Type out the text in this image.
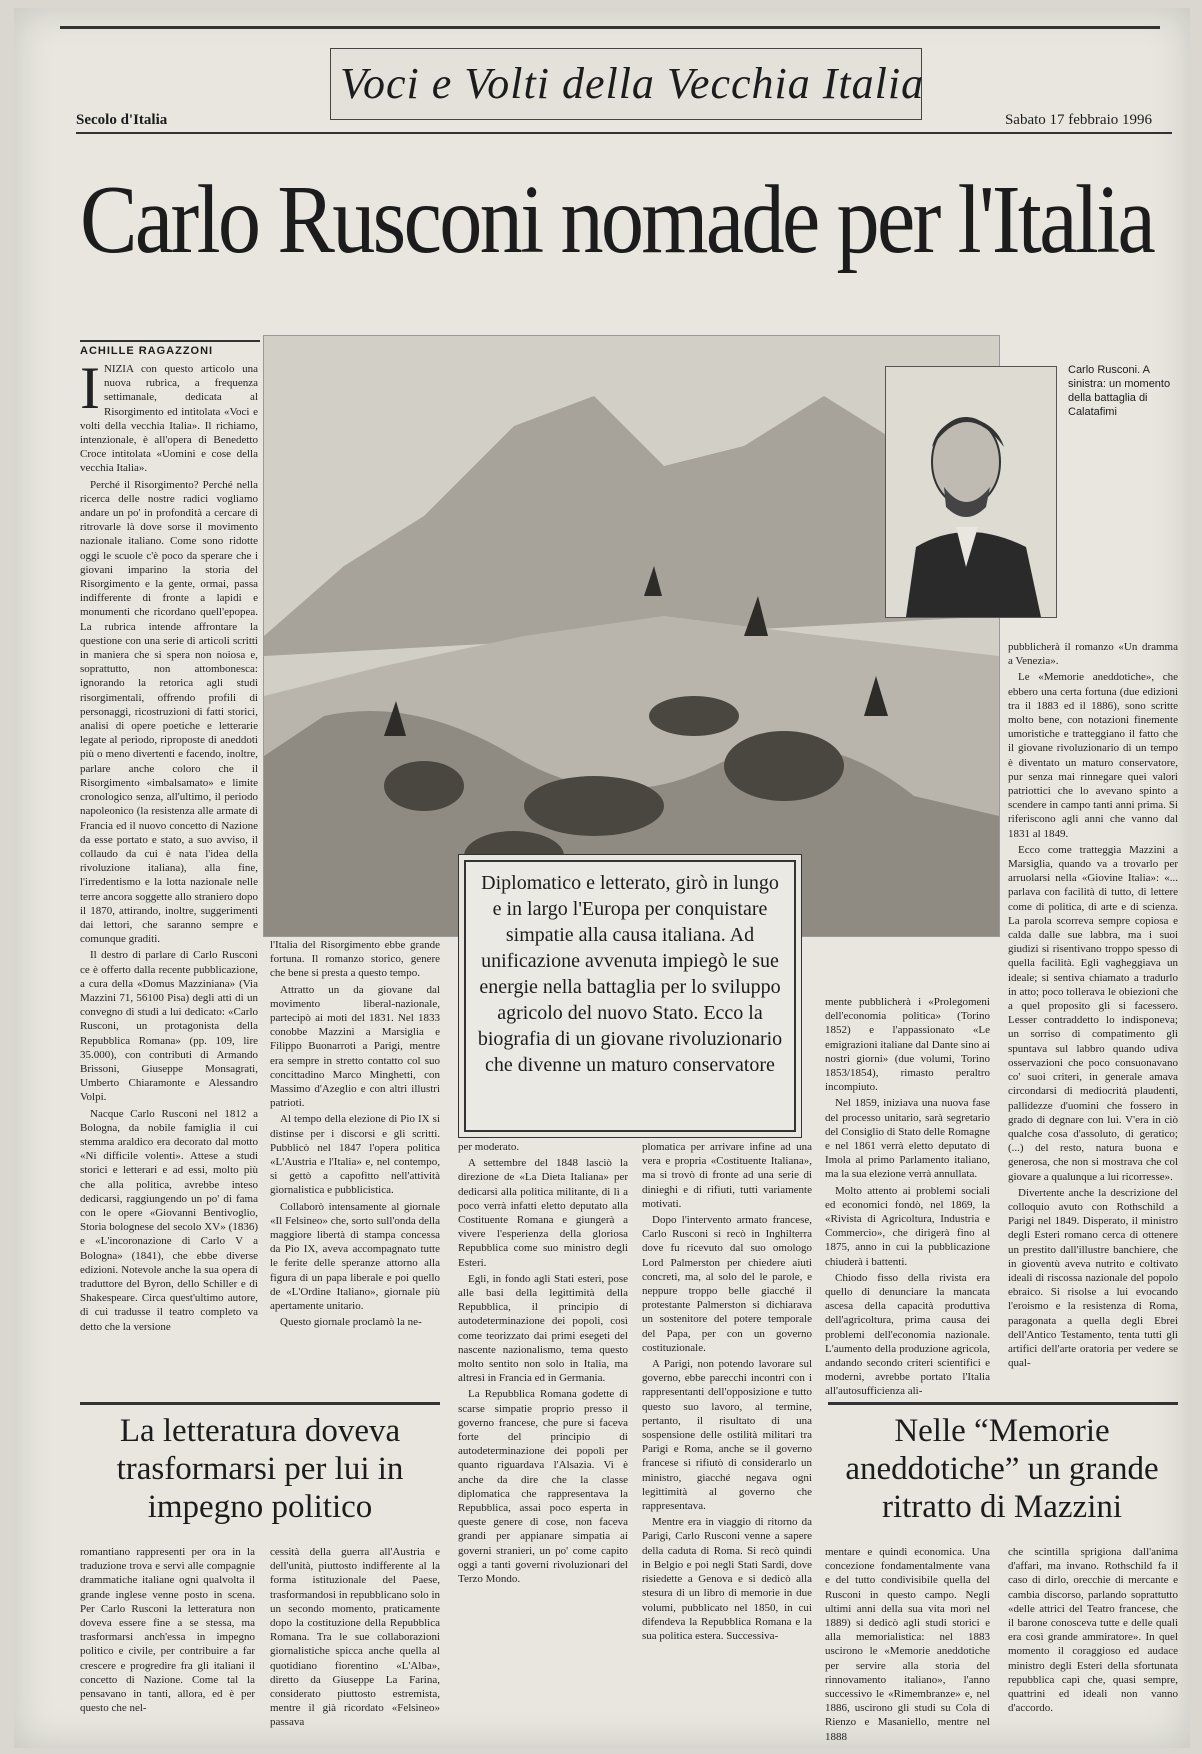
Voci e Volti della Vecchia Italia
Secolo d'Italia	Sabato 17 febbraio 1996
Carlo Rusconi nomade per l'Italia
ACHILLE RAGAZZONI
I NIZIA con questo articolo una nuova rubrica, a frequenza settimanale, dedicata al Risorgimento ed intitolata «Voci e volti della vecchia Italia». Il richiamo, intenzionale, è all'opera di Benedetto Croce intitolata «Uomini e cose della vecchia Italia».

Perché il Risorgimento? Perché nella ricerca delle nostre radici vogliamo andare un po' in profondità a cercare di ritrovarle là dove sorse il movimento nazionale italiano. Come sono ridotte oggi le scuole c'è poco da sperare che i giovani imparino la storia del Risorgimento e la gente, ormai, passa indifferente di fronte a lapidi e monumenti che ricordano quell'epopea. La rubrica intende affrontare la questione con una serie di articoli scritti in maniera che si spera non noiosa e, soprattutto, non attombonesca: ignorando la retorica agli studi risorgimentali, offrendo profili di personaggi, ricostruzioni di fatti storici, analisi di opere poetiche e letterarie legate al periodo, riproposte di aneddoti più o meno divertenti e facendo, inoltre, parlare anche coloro che il Risorgimento «imbalsamato» e limite cronologico senza, all'ultimo, il periodo napoleonico (la resistenza alle armate di Francia ed il nuovo concetto di Nazione da esse portato e stato, a suo avviso, il collaudo da cui è nata l'idea della rivoluzione italiana), alla fine, l'irredentismo e la lotta nazionale nelle terre ancora soggette allo straniero dopo il 1870, attirando, inoltre, suggerimenti dai lettori, che saranno sempre e comunque graditi.

Il destro di parlare di Carlo Rusconi ce è offerto dalla recente pubblicazione, a cura della «Domus Mazziniana» (Via Mazzini 71, 56100 Pisa) degli atti di un convegno di studi a lui dedicato: «Carlo Rusconi, un protagonista della Repubblica Romana» (pp. 109, lire 35.000), con contributi di Armando Brissoni, Giuseppe Monsagrati, Umberto Chiaramonte e Alessandro Volpi.

Nacque Carlo Rusconi nel 1812 a Bologna, da nobile famiglia il cui stemma araldico era decorato dal motto «Ni difficile volenti». Attese a studi storici e letterari e ad essi, molto più che alla politica, avrebbe inteso dedicarsi, raggiungendo un po' di fama con le opere «Giovanni Bentivoglio, Storia bolognese del secolo XV» (1836) e «L'incoronazione di Carlo V a Bologna» (1841), che ebbe diverse edizioni. Notevole anche la sua opera di traduttore del Byron, dello Schiller e di Shakespeare. Circa quest'ultimo autore, di cui tradusse il teatro completo va detto che la versione

Carlo Rusconi. A sinistra: un momento della battaglia di Calatafimi
Diplomatico e letterato, girò in lungo e in largo l'Europa per conquistare simpatie alla causa italiana. Ad unificazione avvenuta impiegò le sue energie nella battaglia per lo sviluppo agricolo del nuovo Stato. Ecco la biografia di un giovane rivoluzionario che divenne un maturo conservatore

l'Italia del Risorgimento ebbe grande fortuna. Il romanzo storico, genere che bene si presta a questo tempo.

Attratto un da giovane dal movimento liberal-nazionale, partecipò ai moti del 1831. Nel 1833 conobbe Mazzini a Marsiglia e Filippo Buonarroti a Parigi, mentre era sempre in stretto contatto col suo concittadino Marco Minghetti, con Massimo d'Azeglio e con altri illustri patrioti.

Al tempo della elezione di Pio IX si distinse per i discorsi e gli scritti. Pubblicò nel 1847 l'opera politica «L'Austria e l'Italia» e, nel contempo, si gettò a capofitto nell'attività giornalistica e pubblicistica.

Collaborò intensamente al giornale «Il Felsineo» che, sorto sull'onda della maggiore libertà di stampa concessa da Pio IX, aveva accompagnato tutte le ferite delle speranze attorno alla figura di un papa liberale e poi quello de «L'Ordine Italiano», giornale più apertamente unitario.

Questo giornale proclamò la ne-

per moderato.

A settembre del 1848 lasciò la direzione de «La Dieta Italiana» per dedicarsi alla politica militante, di lì a poco verrà infatti eletto deputato alla Costituente Romana e giungerà a vivere l'esperienza della gloriosa Repubblica come suo ministro degli Esteri.

Egli, in fondo agli Stati esteri, pose alle basi della legittimità della Repubblica, il principio di autodeterminazione dei popoli, così come teorizzato dai primi esegeti del nascente nazionalismo, tema questo molto sentito non solo in Italia, ma altresì in Francia ed in Germania.

La Repubblica Romana godette di scarse simpatie proprio presso il governo francese, che pure si faceva forte del principio di autodeterminazione dei popoli per quanto riguardava l'Alsazia. Vi è anche da dire che la classe diplomatica che rappresentava la Repubblica, assai poco esperta in queste genere di cose, non faceva grandi per appianare simpatia ai governi stranieri, un po' come capito oggi a tanti governi rivoluzionari del Terzo Mondo.

plomatica per arrivare infine ad una vera e propria «Costituente Italiana», ma si trovò di fronte ad una serie di dinieghi e di rifiuti, tutti variamente motivati.

Dopo l'intervento armato francese, Carlo Rusconi si recò in Inghilterra dove fu ricevuto dal suo omologo Lord Palmerston per chiedere aiuti concreti, ma, al solo del le parole, e neppure troppo belle giacché il protestante Palmerston si dichiarava un sostenitore del potere temporale del Papa, per con un governo costituzionale.

A Parigi, non potendo lavorare sul governo, ebbe parecchi incontri con i rappresentanti dell'opposizione e tutto questo suo lavoro, al termine, pertanto, il risultato di una sospensione delle ostilità militari tra Parigi e Roma, anche se il governo francese si rifiutò di considerarlo un ministro, giacché negava ogni legittimità al governo che rappresentava.

Mentre era in viaggio di ritorno da Parigi, Carlo Rusconi venne a sapere della caduta di Roma. Si recò quindi in Belgio e poi negli Stati Sardi, dove risiedette a Genova e si dedicò alla stesura di un libro di memorie in due volumi, pubblicato nel 1850, in cui difendeva la Repubblica Romana e la sua politica estera. Successiva-

mente pubblicherà i «Prolegomeni dell'economia politica» (Torino 1852) e l'appassionato «Le emigrazioni italiane dal Dante sino ai nostri giorni» (due volumi, Torino 1853/1854), rimasto peraltro incompiuto.

Nel 1859, iniziava una nuova fase del processo unitario, sarà segretario del Consiglio di Stato delle Romagne e nel 1861 verrà eletto deputato di Imola al primo Parlamento italiano, ma la sua elezione verrà annullata.

Molto attento ai problemi sociali ed economici fondò, nel 1869, la «Rivista di Agricoltura, Industria e Commercio», che dirigerà fino al 1875, anno in cui la pubblicazione chiuderà i battenti.

Chiodo fisso della rivista era quello di denunciare la mancata ascesa della capacità produttiva dell'agricoltura, prima causa dei problemi dell'economia nazionale. L'aumento della produzione agricola, andando secondo criteri scientifici e moderni, avrebbe portato l'Italia all'autosufficienza ali-

pubblicherà il romanzo «Un dramma a Venezia».

Le «Memorie aneddotiche», che ebbero una certa fortuna (due edizioni tra il 1883 ed il 1886), sono scritte molto bene, con notazioni finemente umoristiche e tratteggiano il fatto che il giovane rivoluzionario di un tempo è diventato un maturo conservatore, pur senza mai rinnegare quei valori patriottici che lo avevano spinto a scendere in campo tanti anni prima. Si riferiscono agli anni che vanno dal 1831 al 1849.

Ecco come tratteggia Mazzini a Marsiglia, quando va a trovarlo per arruolarsi nella «Giovine Italia»: «... parlava con facilità di tutto, di lettere come di politica, di arte e di scienza. La parola scorreva sempre copiosa e calda dalle sue labbra, ma i suoi giudizi si risentivano troppo spesso di quella facilità. Egli vagheggiava un ideale; si sentiva chiamato a tradurlo in atto; poco tollerava le obiezioni che a quel proposito gli si facessero. Lesser contraddetto lo indisponeva; un sorriso di compatimento gli spuntava sul labbro quando udiva osservazioni che poco consuonavano co' suoi criteri, in generale amava circondarsi di mediocrità plaudenti, pallidezze d'uomini che fossero in grado di degnare con lui. V'era in ciò qualche cosa d'assoluto, di geratico; (...) del resto, natura buona e generosa, che non si mostrava che col giovare a qualunque a lui ricorresse».

Divertente anche la descrizione del colloquio avuto con Rothschild a Parigi nel 1849. Disperato, il ministro degli Esteri romano cerca di ottenere un prestito dall'illustre banchiere, che in gioventù aveva nutrito e coltivato ideali di riscossa nazionale del popolo ebraico. Si risolse a lui evocando l'eroismo e la resistenza di Roma, paragonata a quella degli Ebrei dell'Antico Testamento, tenta tutti gli artifici dell'arte oratoria per vedere se qual-

La letteratura doveva trasformarsi per lui in impegno politico
Nelle “Memorie aneddotiche” un grande ritratto di Mazzini

romantiano rappresenti per ora in la traduzione trova e servì alle compagnie drammatiche italiane ogni qualvolta il grande inglese venne posto in scena. Per Carlo Rusconi la letteratura non doveva essere fine a se stessa, ma trasformarsi anch'essa in impegno politico e civile, per contribuire a far crescere e progredire fra gli italiani il concetto di Nazione. Come tal la pensavano in tanti, allora, ed è per questo che nel-

cessità della guerra all'Austria e dell'unità, piuttosto indifferente al la forma istituzionale del Paese, trasformandosi in repubblicano solo in un secondo momento, praticamente dopo la costituzione della Repubblica Romana. Tra le sue collaborazioni giornalistiche spicca anche quella al quotidiano fiorentino «L'Alba», diretto da Giuseppe La Farina, considerato piuttosto estremista, mentre il già ricordato «Felsineo» passava

mentare e quindi economica. Una concezione fondamentalmente vana e del tutto condivisibile quella del Rusconi in questo campo. Negli ultimi anni della sua vita morì nel 1889) si dedicò agli studi storici e alla memorialistica: nel 1883 uscirono le «Memorie aneddotiche per servire alla storia del rinnovamento italiano», l'anno successivo le «Rimembranze» e, nel 1886, uscirono gli studi su Cola di Rienzo e Masaniello, mentre nel 1888

che scintilla sprigiona dall'anima d'affari, ma invano. Rothschild fa il caso di dirlo, orecchie di mercante e cambia discorso, parlando soprattutto «delle attrici del Teatro francese, che il barone conosceva tutte e delle quali era così grande ammiratore». In quel momento il coraggioso ed audace ministro degli Esteri della sfortunata repubblica capì che, quasi sempre, quattrini ed ideali non vanno d'accordo.
